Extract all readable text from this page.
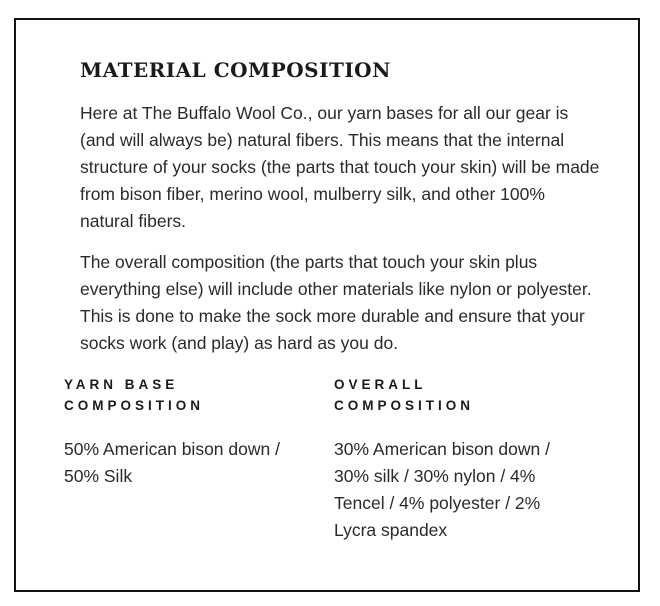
MATERIAL COMPOSITION

Here at The Buffalo Wool Co., our yarn bases for all our gear is (and will always be) natural fibers. This means that the internal structure of your socks (the parts that touch your skin) will be made from bison fiber, merino wool, mulberry silk, and other 100% natural fibers.

The overall composition (the parts that touch your skin plus everything else) will include other materials like nylon or polyester. This is done to make the sock more durable and ensure that your socks work (and play) as hard as you do.

YARN BASE
COMPOSITION

50% American bison down / 50% Silk

OVERALL
COMPOSITION

30% American bison down / 30% silk / 30% nylon / 4% Tencel / 4% polyester / 2% Lycra spandex
